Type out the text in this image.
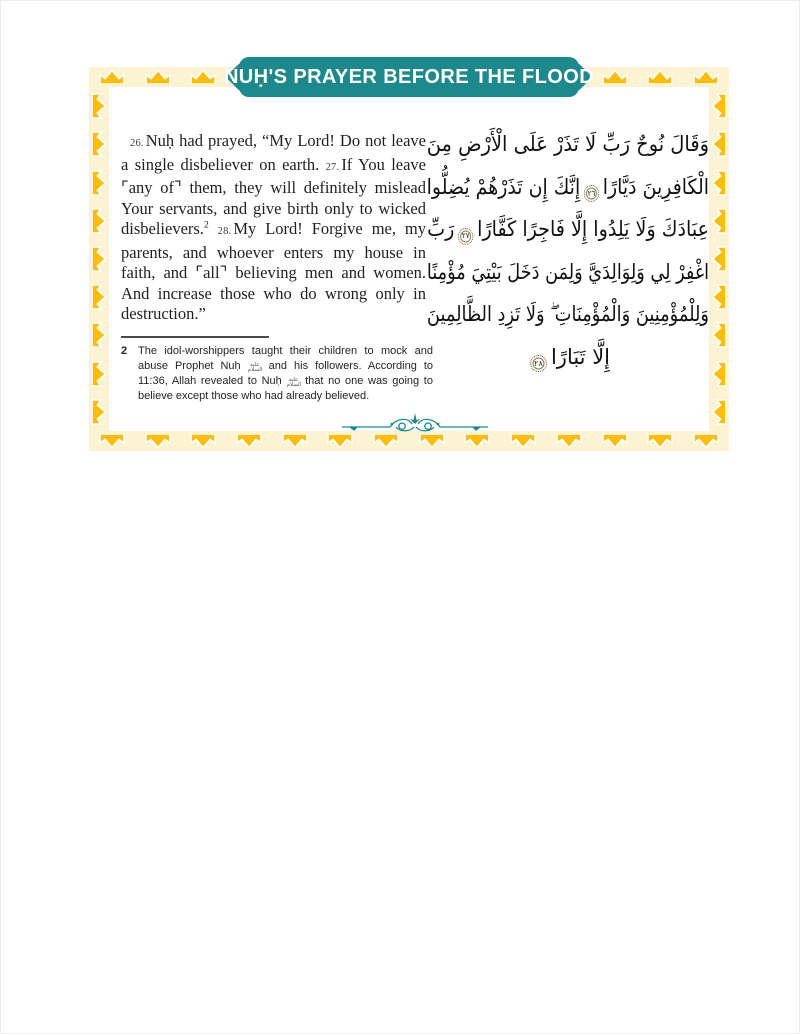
NUḤ'S PRAYER BEFORE THE FLOOD

26. Nuḥ had prayed, “My Lord! Do not leave a single disbeliever on earth. 27. If You leave ⌜any of⌝ them, they will definitely mislead Your servants, and give birth only to wicked disbelievers.$^2$ 28. My Lord! Forgive me, my parents, and whoever enters my house in faith, and ⌜all⌝ believing men and women. And increase those who do wrong only in destruction.”

2 The idol-worshippers taught their children to mock and abuse Prophet Nuḥ عليه السلام and his followers. According to 11:36, Allah revealed to Nuḥ عليه السلام that no one was going to believe except those who had already believed.
وَقَالَ نُوحٌ رَبِّ لَا تَذَرْ عَلَى الْأَرْضِ مِنَ
الْكَافِرِينَ دَيَّارًا٢٦إِنَّكَ إِن تَذَرْهُمْ يُضِلُّوا
عِبَادَكَ وَلَا يَلِدُوا إِلَّا فَاجِرًا كَفَّارًا٢٧رَبِّ
اغْفِرْ لِي وَلِوَالِدَيَّ وَلِمَن دَخَلَ بَيْتِيَ مُؤْمِنًا
وَلِلْمُؤْمِنِينَ وَالْمُؤْمِنَاتِ ۖ وَلَا تَزِدِ الظَّالِمِينَ
إِلَّا تَبَارًا٢٨
